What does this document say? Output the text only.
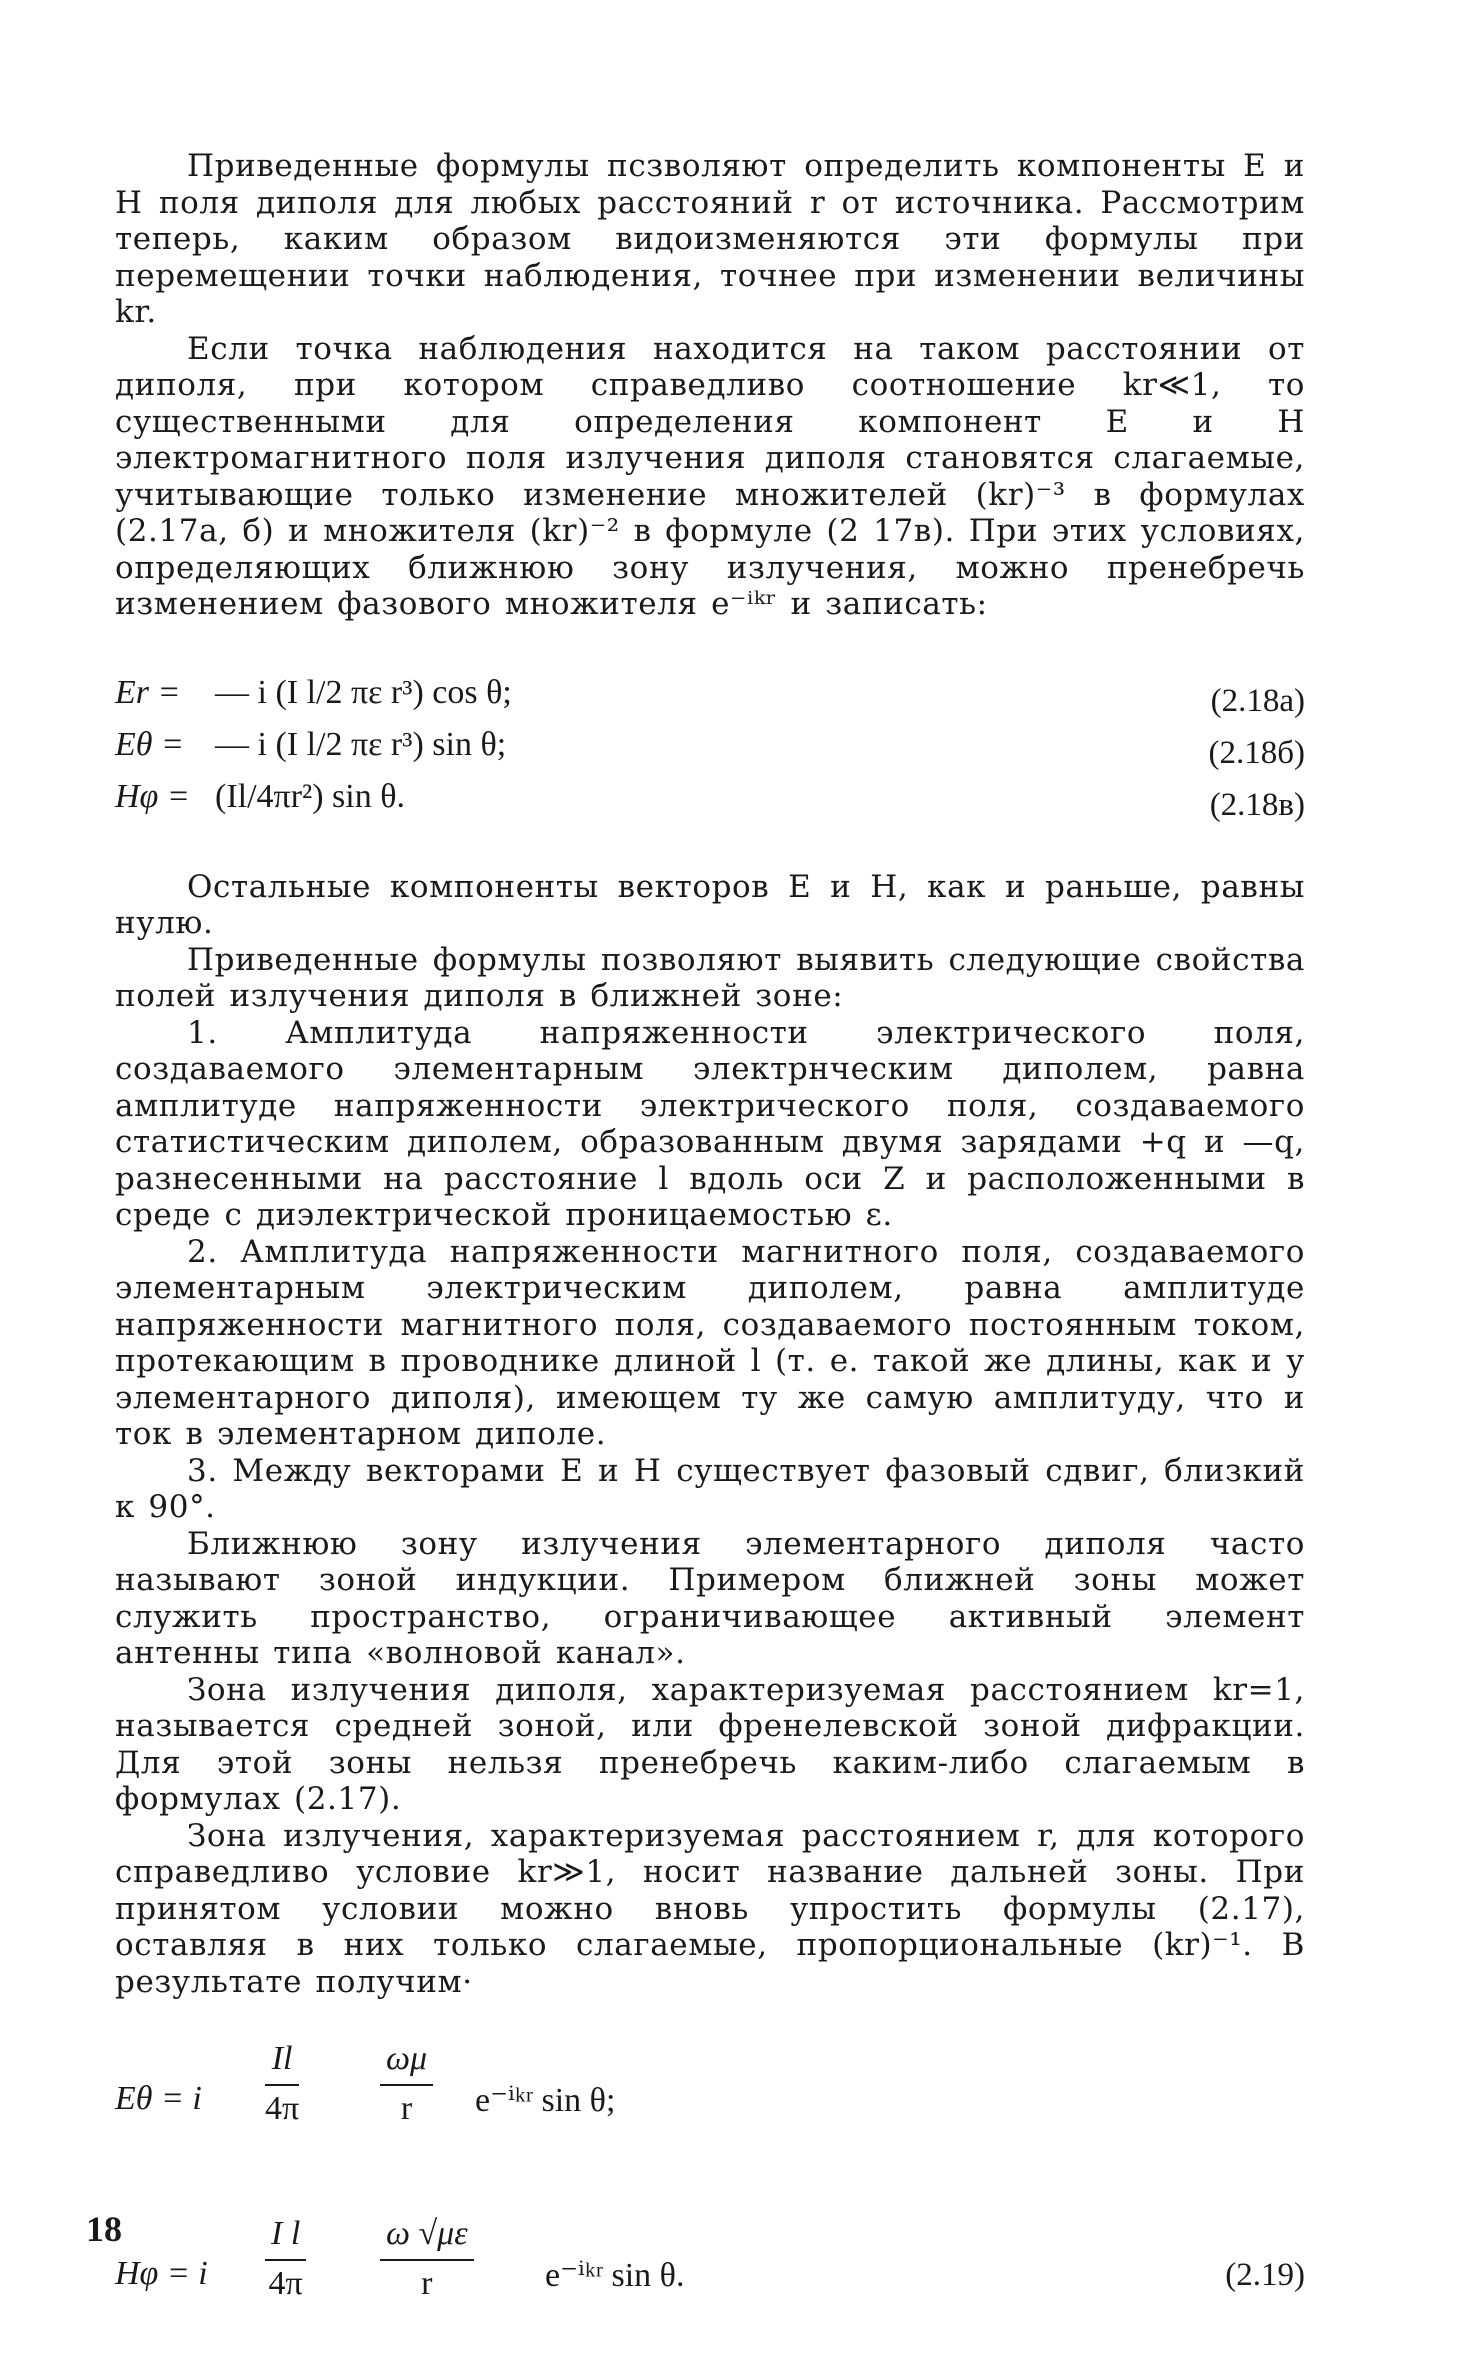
Приведенные формулы псзволяют определить компоненты E и H поля диполя для любых расстояний r от источника. Рассмотрим теперь, каким образом видоизменяются эти формулы при перемещении точки наблюдения, точнее при изменении величины kr.

Если точка наблюдения находится на таком расстоянии от диполя, при котором справедливо соотношение kr≪1, то существенными для определения компонент E и H электромагнитного поля излучения диполя становятся слагаемые, учитывающие только изменение множителей (kr)⁻³ в формулах (2.17а, б) и множителя (kr)⁻² в формуле (2 17в). При этих условиях, определяющих ближнюю зону излучения, можно пренебречь изменением фазового множителя e⁻ⁱᵏʳ и записать:

Er =	— i (I l/2 πε r³) cos θ;	(2.18а)
Eθ = — i (I l/2 πε r³) sin θ;	(2.18б)
Hφ = (Il/4πr²) sin θ.	(2.18в)

Остальные компоненты векторов E и H, как и раньше, равны нулю.

Приведенные формулы позволяют выявить следующие свойства полей излучения диполя в ближней зоне:

1. Амплитуда напряженности электрического поля, создаваемого элементарным электрнческим диполем, равна амплитуде напряженности электрического поля, создаваемого статистическим диполем, образованным двумя зарядами +q и —q, разнесенными на расстояние l вдоль оси Z и расположенными в среде с диэлектрической проницаемостью ε.

2. Амплитуда напряженности магнитного поля, создаваемого элементарным электрическим диполем, равна амплитуде напряженности магнитного поля, создаваемого постоянным током, протекающим в проводнике длиной l (т. е. такой же длины, как и у элементарного диполя), имеющем ту же самую амплитуду, что и ток в элементарном диполе.

3. Между векторами E и H существует фазовый сдвиг, близкий к 90°.

Ближнюю зону излучения элементарного диполя часто называют зоной индукции. Примером ближней зоны может служить пространство, ограничивающее активный элемент антенны типа «волновой канал».

Зона излучения диполя, характеризуемая расстоянием kr=1, называется средней зоной, или френелевской зоной дифракции. Для этой зоны нельзя пренебречь каким-либо слагаемым в формулах (2.17).

Зона излучения, характеризуемая расстоянием r, для которого справедливо условие kr≫1, носит название дальней зоны. При принятом условии можно вновь упростить формулы (2.17), оставляя в них только слагаемые, пропорциональные (kr)⁻¹. В результате получим·

Eθ = i $\frac{Il}{4\pi} \frac{\omega\mu}{r}$ e⁻ⁱᵏʳ sin θ;
Hφ = i $\frac{\text{I l}}{4\pi} \frac{\omega √\mu\varepsilon}{r}$ e⁻ⁱᵏʳ sin θ.	(2.19)
18
